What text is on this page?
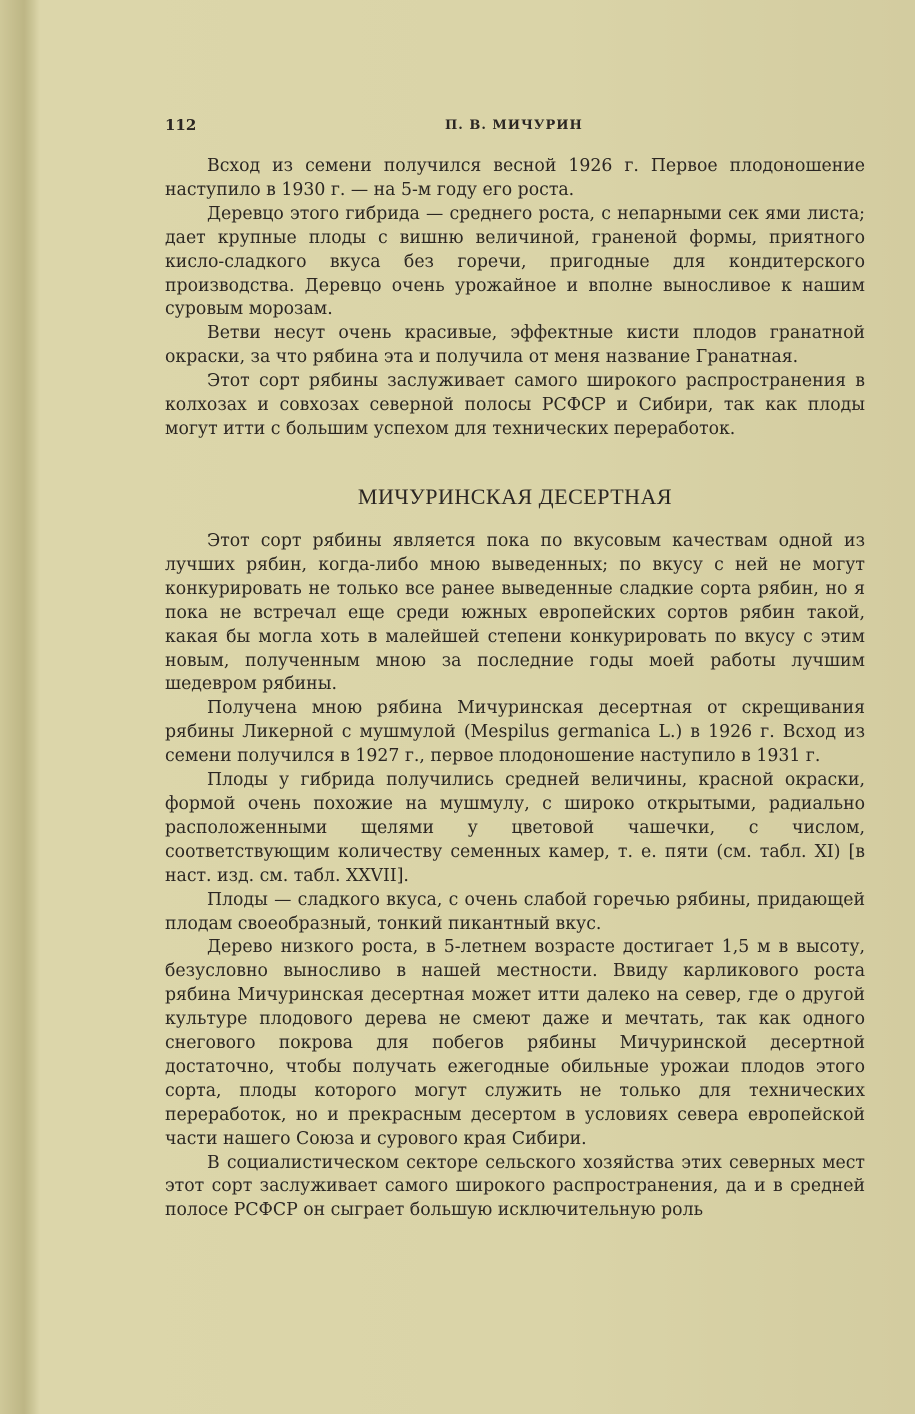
112	П. В. МИЧУРИН

Всход из семени получился весной 1926 г. Первое плодоношение наступило в 1930 г. — на 5-м году его роста.

Деревцо этого гибрида — среднего роста, с непарными сек ями листа; дает крупные плоды с вишню величиной, граненой формы, приятного кисло-сладкого вкуса без горечи, пригодные для кондитерского производства. Деревцо очень урожайное и вполне выносливое к нашим суровым морозам.

Ветви несут очень красивые, эффектные кисти плодов гранатной окраски, за что рябина эта и получила от меня название Гранатная.

Этот сорт рябины заслуживает самого широкого распространения в колхозах и совхозах северной полосы РСФСР и Сибири, так как плоды могут итти с большим успехом для технических переработок.

МИЧУРИНСКАЯ ДЕСЕРТНАЯ

Этот сорт рябины является пока по вкусовым качествам одной из лучших рябин, когда-либо мною выведенных; по вкусу с ней не могут конкурировать не только все ранее выведенные сладкие сорта рябин, но я пока не встречал еще среди южных европейских сортов рябин такой, какая бы могла хоть в малейшей степени конкурировать по вкусу с этим новым, полученным мною за последние годы моей работы лучшим шедевром рябины.

Получена мною рябина Мичуринская десертная от скрещивания рябины Ликерной с мушмулой (Mespilus germanica L.) в 1926 г. Всход из семени получился в 1927 г., первое плодоношение наступило в 1931 г.

Плоды у гибрида получились средней величины, красной окраски, формой очень похожие на мушмулу, с широко открытыми, радиально расположенными щелями у цветовой чашечки, с числом, соответствующим количеству семенных камер, т. е. пяти (см. табл. XI) [в наст. изд. см. табл. XXVII].

Плоды — сладкого вкуса, с очень слабой горечью рябины, придающей плодам своеобразный, тонкий пикантный вкус.

Дерево низкого роста, в 5-летнем возрасте достигает 1,5 м в высоту, безусловно выносливо в нашей местности. Ввиду карликового роста рябина Мичуринская десертная может итти далеко на север, где о другой культуре плодового дерева не смеют даже и мечтать, так как одного снегового покрова для побегов рябины Мичуринской десертной достаточно, чтобы получать ежегодные обильные урожаи плодов этого сорта, плоды которого могут служить не только для технических переработок, но и прекрасным десертом в условиях севера европейской части нашего Союза и сурового края Сибири.

В социалистическом секторе сельского хозяйства этих северных мест этот сорт заслуживает самого широкого распространения, да и в средней полосе РСФСР он сыграет большую исключительную роль
